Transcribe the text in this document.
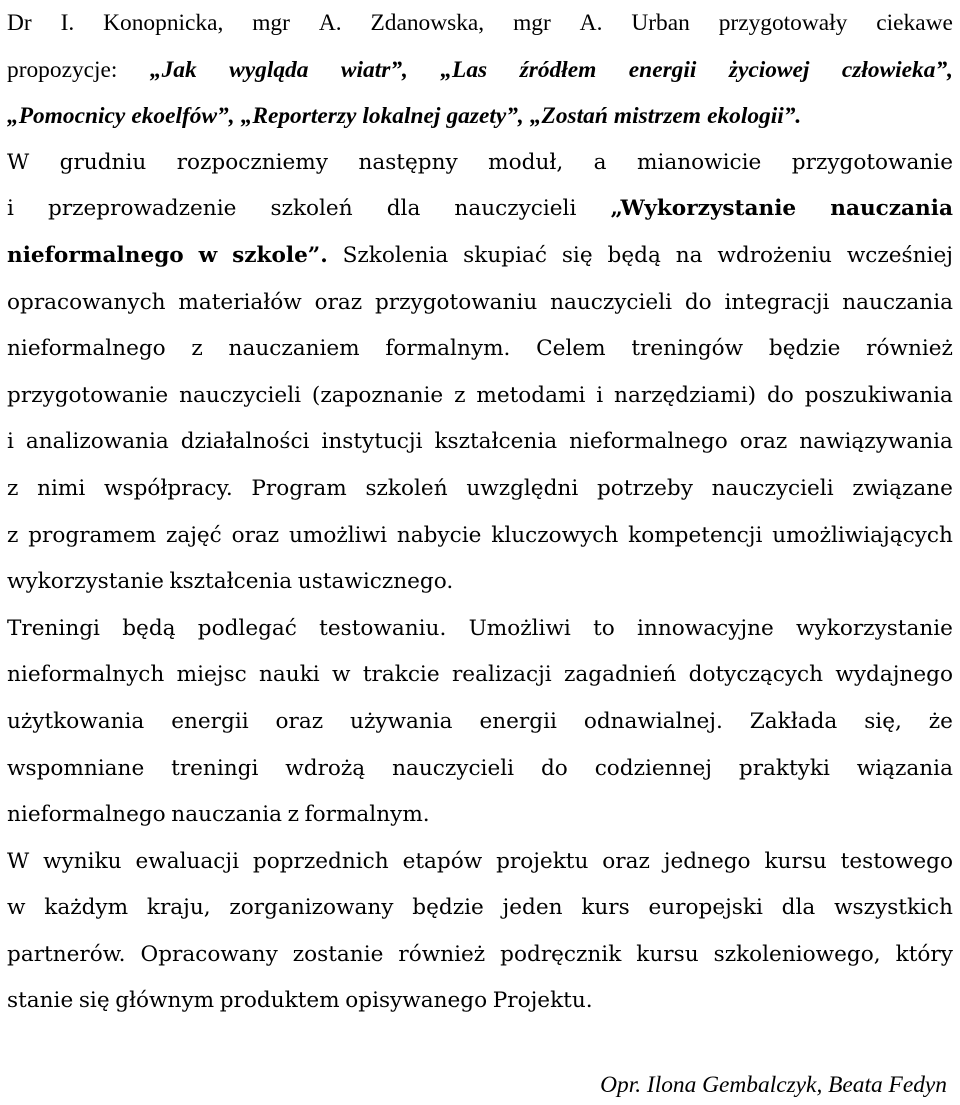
Dr I. Konopnicka, mgr A. Zdanowska, mgr A. Urban przygotowały ciekawe
propozycje: „Jak wygląda wiatr”, „Las źródłem energii życiowej człowieka”,
„Pomocnicy ekoelfów”, „Reporterzy lokalnej gazety”, „Zostań mistrzem ekologii”.
W grudniu rozpoczniemy następny moduł, a mianowicie przygotowanie
i przeprowadzenie szkoleń dla nauczycieli „Wykorzystanie nauczania
nieformalnego w szkole”. Szkolenia skupiać się będą na wdrożeniu wcześniej
opracowanych materiałów oraz przygotowaniu nauczycieli do integracji nauczania
nieformalnego z nauczaniem formalnym. Celem treningów będzie również
przygotowanie nauczycieli (zapoznanie z metodami i narzędziami) do poszukiwania
i analizowania działalności instytucji kształcenia nieformalnego oraz nawiązywania
z nimi współpracy. Program szkoleń uwzględni potrzeby nauczycieli związane
z programem zajęć oraz umożliwi nabycie kluczowych kompetencji umożliwiających
wykorzystanie kształcenia ustawicznego.
Treningi będą podlegać testowaniu. Umożliwi to innowacyjne wykorzystanie
nieformalnych miejsc nauki w trakcie realizacji zagadnień dotyczących wydajnego
użytkowania energii oraz używania energii odnawialnej. Zakłada się, że
wspomniane treningi wdrożą nauczycieli do codziennej praktyki wiązania
nieformalnego nauczania z formalnym.
W wyniku ewaluacji poprzednich etapów projektu oraz jednego kursu testowego
w każdym kraju, zorganizowany będzie jeden kurs europejski dla wszystkich
partnerów. Opracowany zostanie również podręcznik kursu szkoleniowego, który
stanie się głównym produktem opisywanego Projektu.
Opr. Ilona Gembalczyk, Beata Fedyn
